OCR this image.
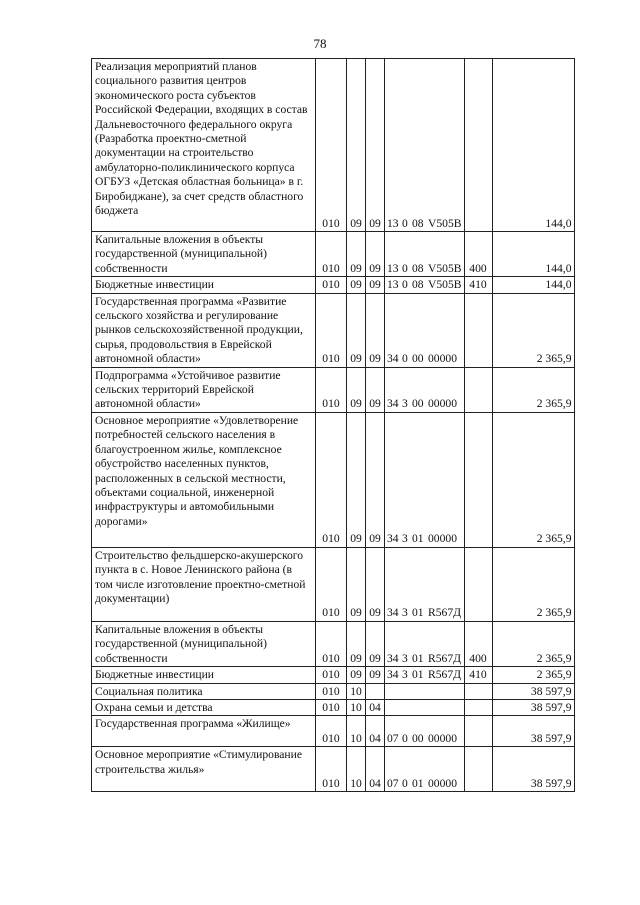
78
Реализация мероприятий планов социального развития центров экономического роста субъектов Российской Федерации, входящих в состав Дальневосточного федерального округа (Разработка проектно-сметной документации на строительство амбулаторно-поликлинического корпуса ОГБУЗ «Детская областная больница» в г. Биробиджане), за счет средств областного бюджета	010	09	09	13 0 08 V505B		144,0
Капитальные вложения в объекты государственной (муниципальной) собственности	010	09	09	13 0 08 V505B	400	144,0
Бюджетные инвестиции	010	09	09	13 0 08 V505B	410	144,0
Государственная программа «Развитие сельского хозяйства и регулирование рынков сельскохозяйственной продукции, сырья, продовольствия в Еврейской автономной области»	010	09	09	34 0 00 00000		2 365,9
Подпрограмма «Устойчивое развитие сельских территорий Еврейской автономной области»	010	09	09	34 3 00 00000		2 365,9
Основное мероприятие «Удовлетворение потребностей сельского населения в благоустроенном жилье, комплексное обустройство населенных пунктов, расположенных в сельской местности, объектами социальной, инженерной инфраструктуры и автомобильными дорогами»	010	09	09	34 3 01 00000		2 365,9
Строительство фельдшерско-акушерского пункта в с. Новое Ленинского района (в том числе изготовление проектно-сметной документации)	010	09	09	34 3 01 R567Д		2 365,9
Капитальные вложения в объекты государственной (муниципальной) собственности	010	09	09	34 3 01 R567Д	400	2 365,9
Бюджетные инвестиции	010	09	09	34 3 01 R567Д	410	2 365,9
Социальная политика	010	10				38 597,9
Охрана семьи и детства	010	10	04			38 597,9
Государственная программа «Жилище»	010	10	04	07 0 00 00000		38 597,9
Основное мероприятие «Стимулирование строительства жилья»	010	10	04	07 0 01 00000		38 597,9
